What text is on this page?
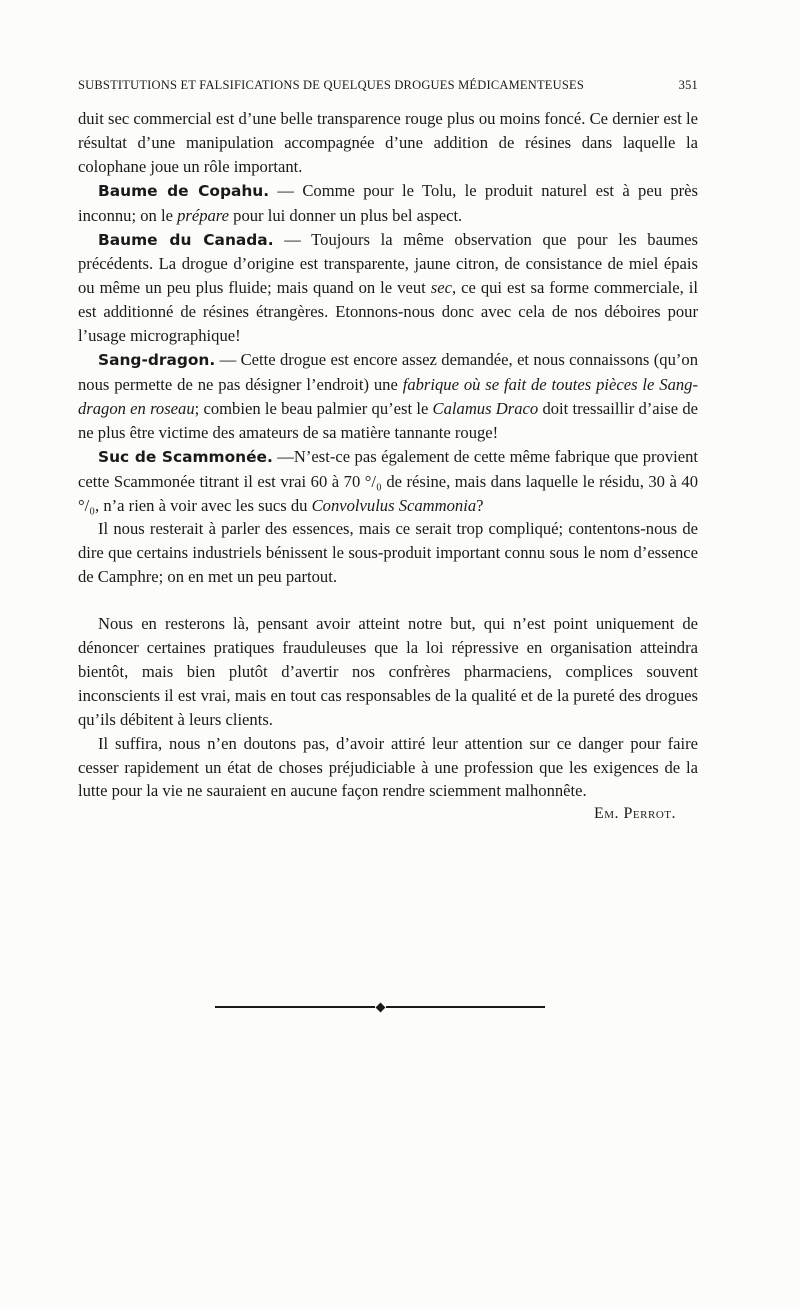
SUBSTITUTIONS ET FALSIFICATIONS DE QUELQUES DROGUES MÉDICAMENTEUSES	351

duit sec commercial est d’une belle transparence rouge plus ou moins foncé. Ce dernier est le résultat d’une manipulation accompagnée d’une addition de résines dans laquelle la colophane joue un rôle important.

Baume de Copahu. — Comme pour le Tolu, le produit naturel est à peu près inconnu; on le prépare pour lui donner un plus bel aspect.

Baume du Canada. — Toujours la même observation que pour les baumes précédents. La drogue d’origine est transparente, jaune citron, de consistance de miel épais ou même un peu plus fluide; mais quand on le veut sec, ce qui est sa forme commerciale, il est additionné de résines étrangères. Etonnons-nous donc avec cela de nos déboires pour l’usage micrographique!

Sang-dragon. — Cette drogue est encore assez demandée, et nous connaissons (qu’on nous permette de ne pas désigner l’endroit) une fabrique où se fait de toutes pièces le Sang-dragon en roseau; combien le beau palmier qu’est le Calamus Draco doit tressaillir d’aise de ne plus être victime des amateurs de sa matière tannante rouge!

Suc de Scammonée. —N’est-ce pas également de cette même fabrique que provient cette Scammonée titrant il est vrai 60 à 70 °/₀ de résine, mais dans laquelle le résidu, 30 à 40 °/₀, n’a rien à voir avec les sucs du Convolvulus Scammonia?

Il nous resterait à parler des essences, mais ce serait trop compliqué; contentons-nous de dire que certains industriels bénissent le sous-produit important connu sous le nom d’essence de Camphre; on en met un peu partout.

Nous en resterons là, pensant avoir atteint notre but, qui n’est point uniquement de dénoncer certaines pratiques frauduleuses que la loi répressive en organisation atteindra bientôt, mais bien plutôt d’avertir nos confrères pharmaciens, complices souvent inconscients il est vrai, mais en tout cas responsables de la qualité et de la pureté des drogues qu’ils débitent à leurs clients.

Il suffira, nous n’en doutons pas, d’avoir attiré leur attention sur ce danger pour faire cesser rapidement un état de choses préjudiciable à une profession que les exigences de la lutte pour la vie ne sauraient en aucune façon rendre sciemment malhonnête.

Em. Perrot.
